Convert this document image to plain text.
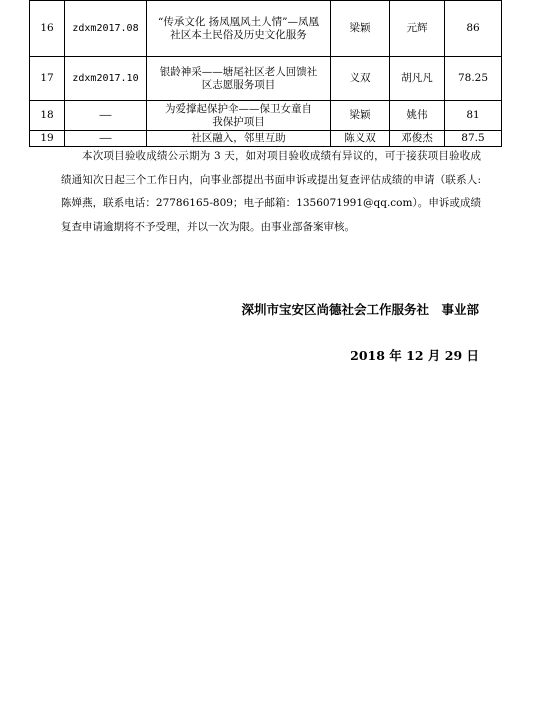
16	zdxm2017.08	“传承文化 扬凤凰风土人情”—凤凰社区本土民俗及历史文化服务	梁颖	元辉	86
17	zdxm2017.10	银龄神采——塘尾社区老人回馈社区志愿服务项目	义双	胡凡凡	78.25
18	——	为爱撑起保护伞——保卫女童自我保护项目	梁颖	姚伟	81
19	——	社区融入，邻里互助	陈义双	邓俊杰	87.5

本次项目验收成绩公示期为 3 天，如对项目验收成绩有异议的，可于接获项目验收成绩通知次日起三个工作日内，向事业部提出书面申诉或提出复查评估成绩的申请（联系人:陈婵燕，联系电话：27786165-809；电子邮箱：1356071991@qq.com）。申诉或成绩复查申请逾期将不予受理，并以一次为限。由事业部备案审核。

深圳市宝安区尚德社会工作服务社　事业部

2018 年 12 月 29 日
